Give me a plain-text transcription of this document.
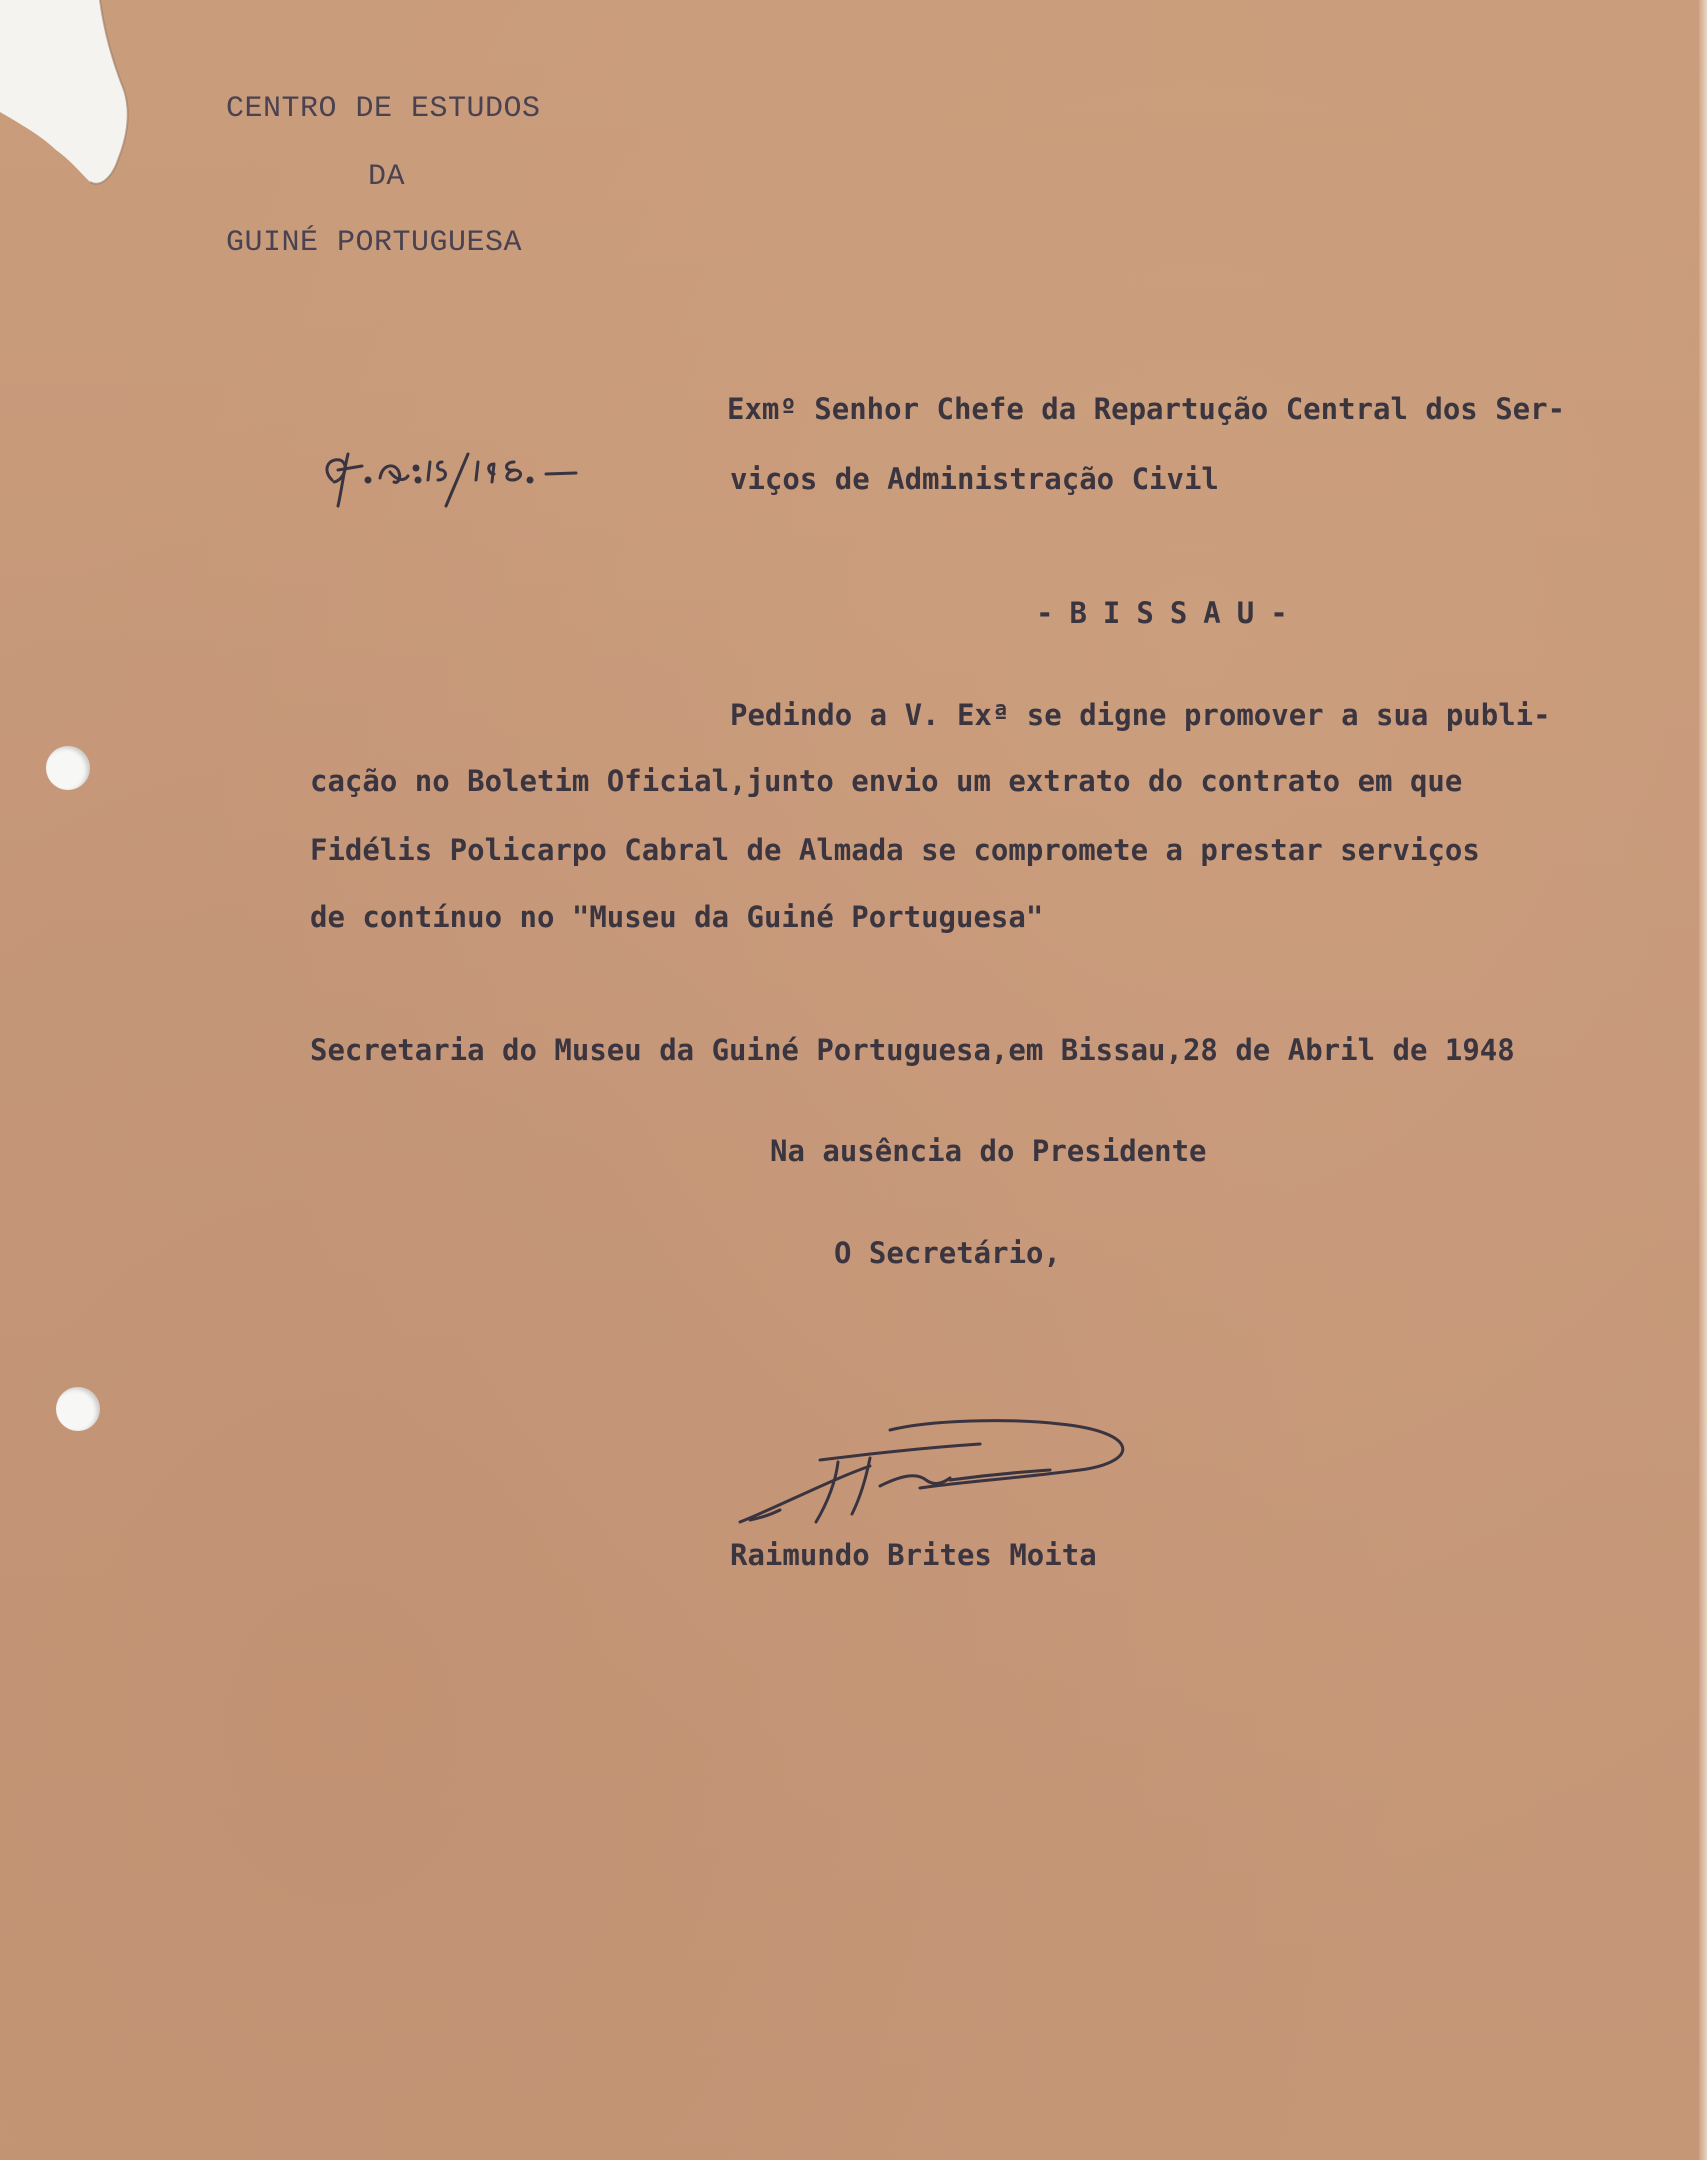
CENTRO DE ESTUDOS
DA
GUINÉ PORTUGUESA
Exmº Senhor Chefe da Repartução Central dos Ser-
viços de Administração Civil
-BISSAU-
Pedindo a V. Exª se digne promover a sua publi-
cação no Boletim Oficial,junto envio um extrato do contrato em que
Fidélis Policarpo Cabral de Almada se compromete a prestar serviços
de contínuo no "Museu da Guiné Portuguesa"
Secretaria do Museu da Guiné Portuguesa,em Bissau,28 de Abril de 1948
Na ausência do Presidente
O Secretário,
Raimundo Brites Moita
